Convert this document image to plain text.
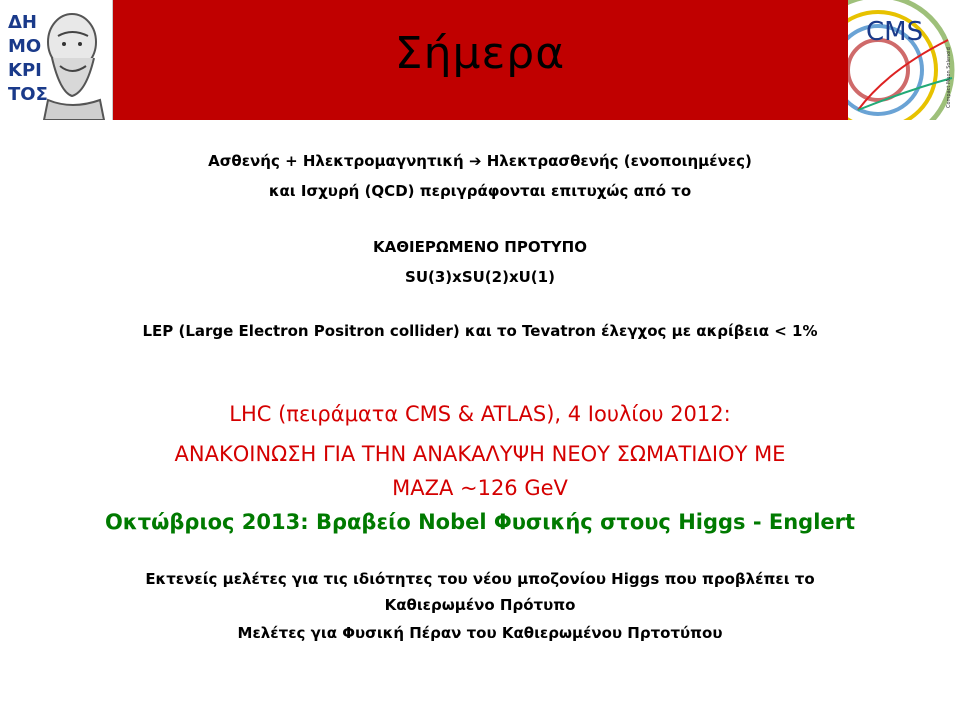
ΔΗ
ΜΟ
ΚΡΙ
ΤΟΣ
Σήμερα	CMS
Compact Muon Solenoid
Ασθενής + Ηλεκτρομαγνητική ➔ Ηλεκτρασθενής (ενοποιημένες)
και Ισχυρή (QCD) περιγράφονται επιτυχώς από το
ΚΑΘΙΕΡΩΜΕΝΟ ΠΡΟΤΥΠΟ
SU(3)xSU(2)xU(1)
LEP (Large Electron Positron collider) και το Tevatron έλεγχος με ακρίβεια < 1%
LHC (πειράματα CMS & ATLAS), 4 Ιουλίου 2012:
ΑΝΑΚΟΙΝΩΣΗ ΓΙΑ ΤΗΝ ΑΝΑΚΑΛΥΨΗ ΝΕΟΥ ΣΩΜΑΤΙΔΙΟΥ ΜΕ
ΜΑΖΑ ~126 GeV
Οκτώβριος 2013: Βραβείο Nobel Φυσικής στους Higgs - Englert
Εκτενείς μελέτες για τις ιδιότητες του νέου μποζονίου Higgs που προβλέπει το
Καθιερωμένο Πρότυπο
Μελέτες για Φυσική Πέραν του Καθιερωμένου Πρτοτύπου
